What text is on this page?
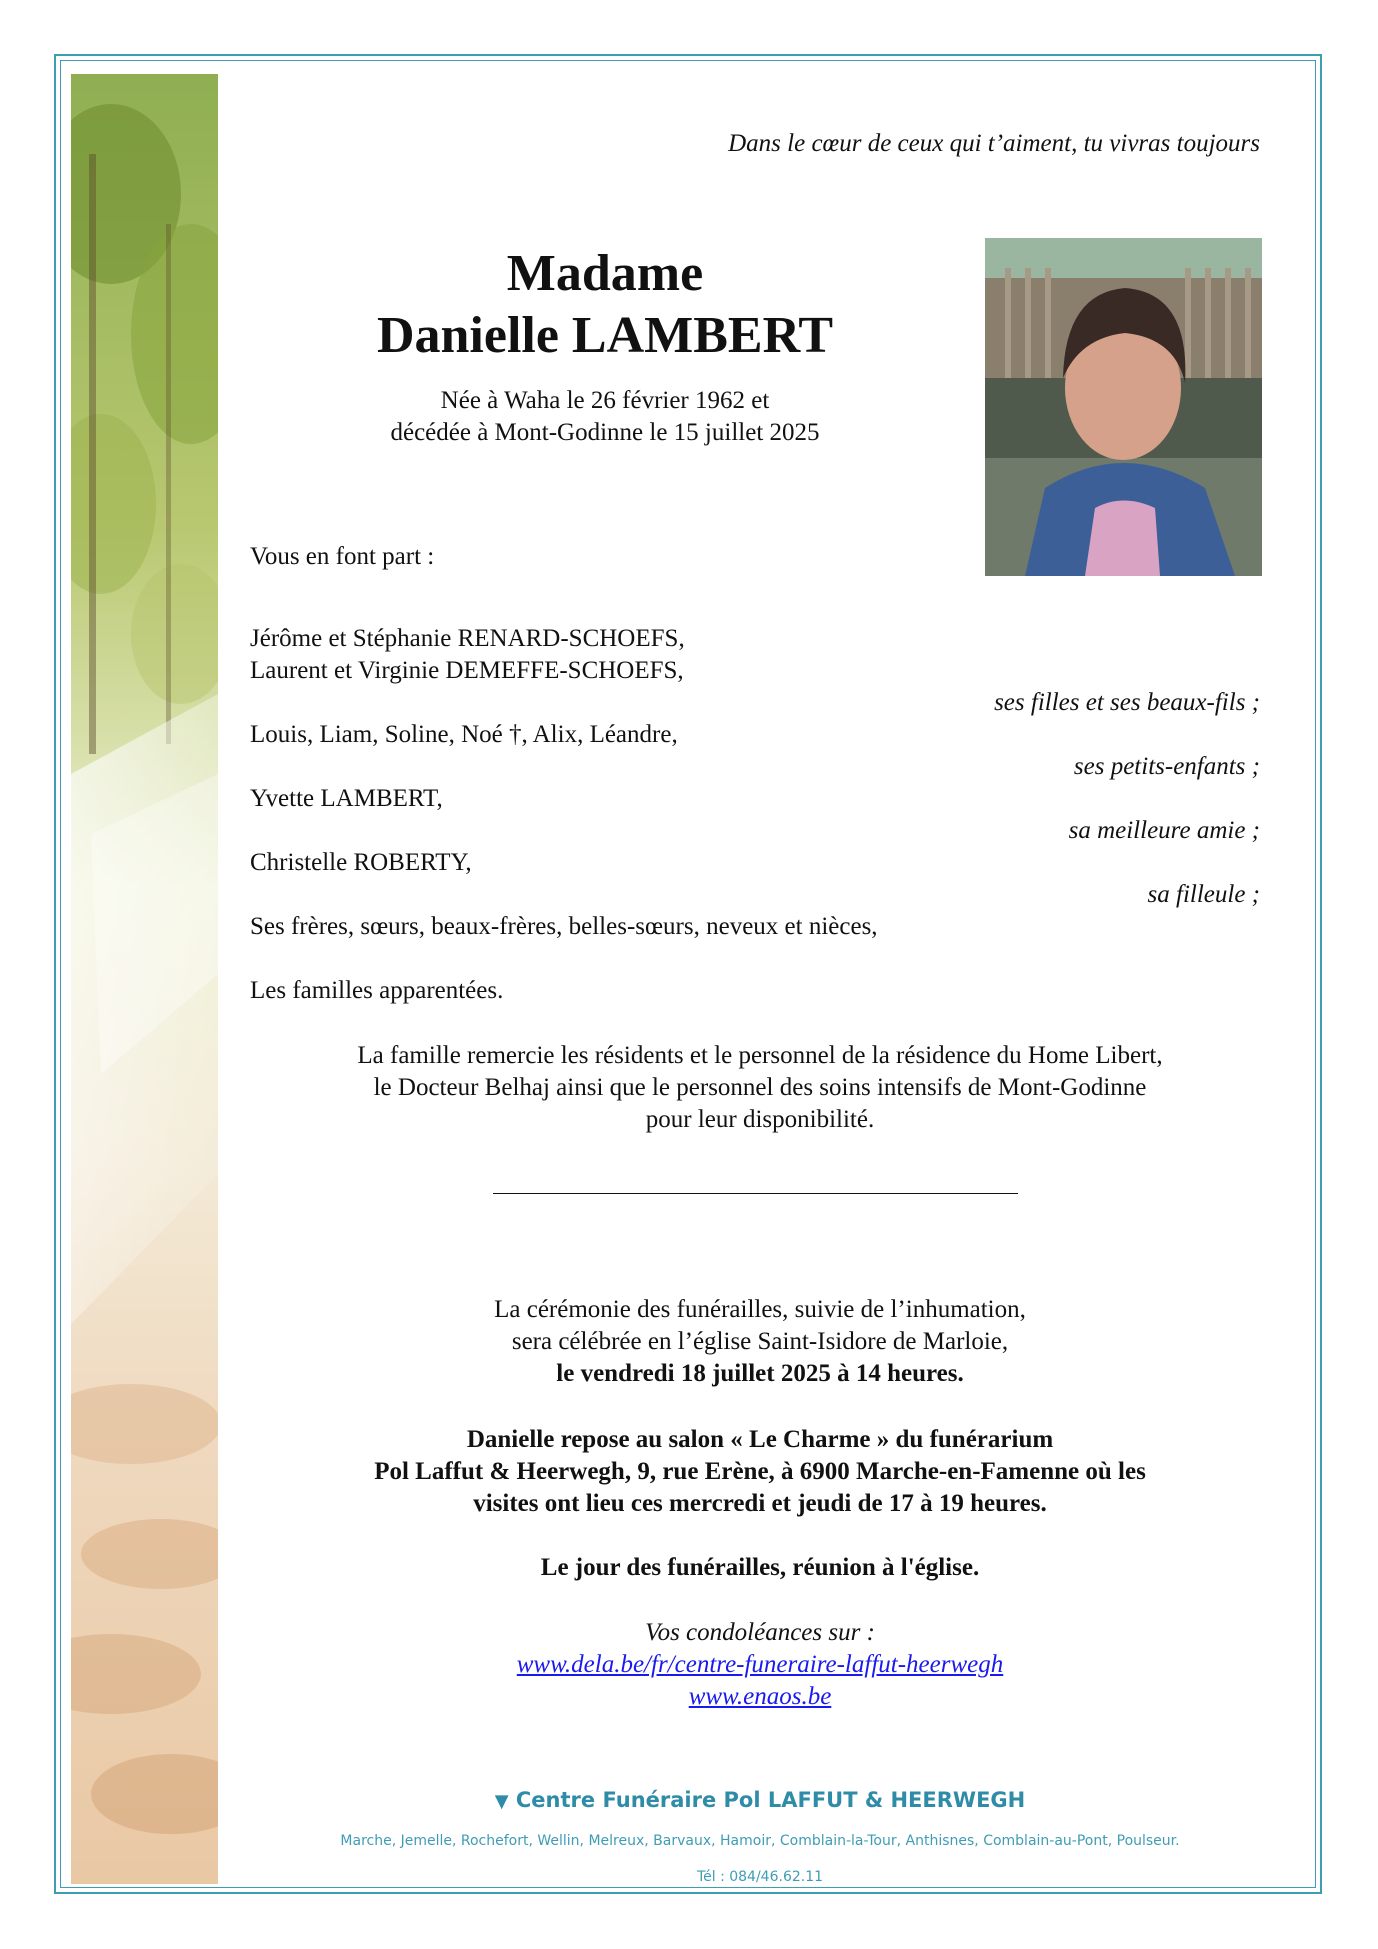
Dans le cœur de ceux qui t’aiment, tu vivras toujours
Madame
Danielle LAMBERT
Née à Waha le 26 février 1962 et
décédée à Mont-Godinne le 15 juillet 2025
Vous en font part :
Jérôme et Stéphanie RENARD-SCHOEFS,
Laurent et Virginie DEMEFFE-SCHOEFS,
ses filles et ses beaux-fils ;
Louis, Liam, Soline, Noé †, Alix, Léandre,
ses petits-enfants ;
Yvette LAMBERT,
sa meilleure amie ;
Christelle ROBERTY,
sa filleule ;
Ses frères, sœurs, beaux-frères, belles-sœurs, neveux et nièces,
Les familles apparentées.
La famille remercie les résidents et le personnel de la résidence du Home Libert,
le Docteur Belhaj ainsi que le personnel des soins intensifs de Mont-Godinne
pour leur disponibilité.
La cérémonie des funérailles, suivie de l’inhumation,
sera célébrée en l’église Saint-Isidore de Marloie,
le vendredi 18 juillet 2025 à 14 heures.
Danielle repose au salon « Le Charme » du funérarium
Pol Laffut & Heerwegh, 9, rue Erène, à 6900 Marche-en-Famenne où les
visites ont lieu ces mercredi et jeudi de 17 à 19 heures.
Le jour des funérailles, réunion à l'église.
Vos condoléances sur :
www.dela.be/fr/centre-funeraire-laffut-heerwegh
www.enaos.be
▼ Centre Funéraire Pol LAFFUT & HEERWEGH
Marche, Jemelle, Rochefort, Wellin, Melreux, Barvaux, Hamoir, Comblain-la-Tour, Anthisnes, Comblain-au-Pont, Poulseur.
Tél : 084/46.62.11
